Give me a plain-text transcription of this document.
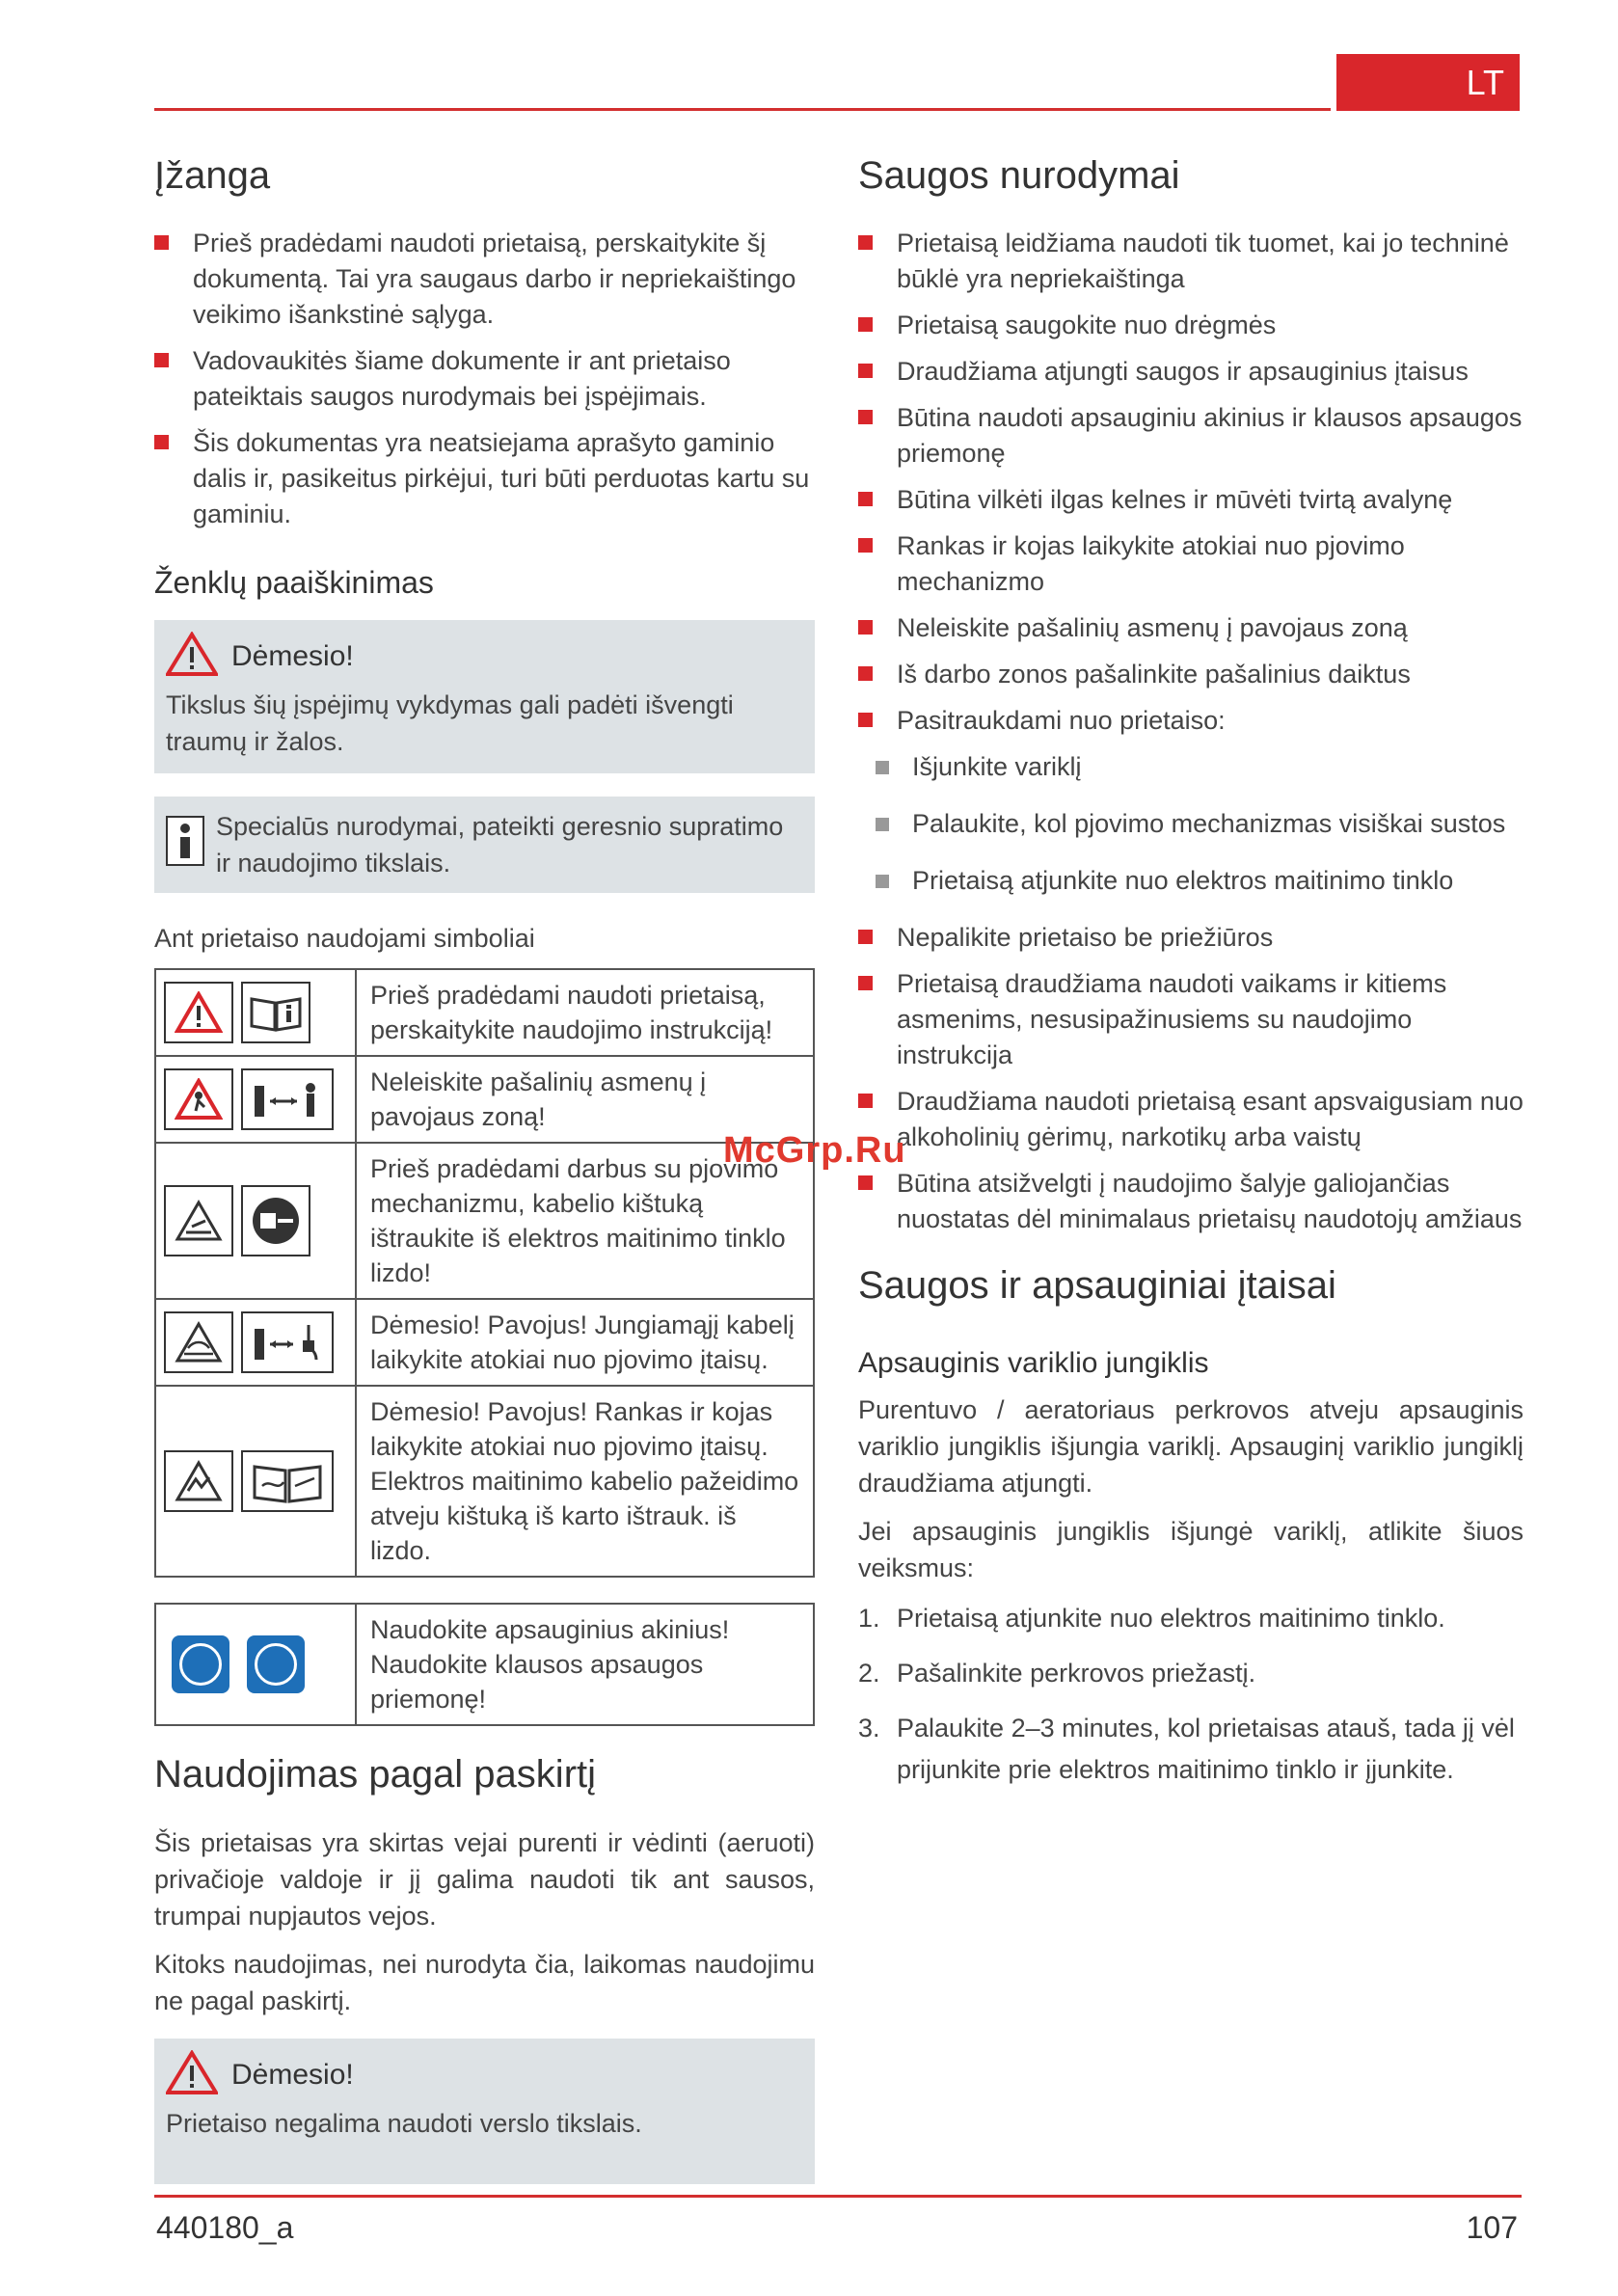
LT
Įžanga
Prieš pradėdami naudoti prietaisą, perskaitykite šį dokumentą. Tai yra saugaus darbo ir nepriekaištingo veikimo išankstinė sąlyga.
Vadovaukitės šiame dokumente ir ant prietaiso pateiktais saugos nurodymais bei įspėjimais.
Šis dokumentas yra neatsiejama aprašyto gaminio dalis ir, pasikeitus pirkėjui, turi būti perduotas kartu su gaminiu.
Ženklų paaiškinimas
Dėmesio!
Tikslus šių įspėjimų vykdymas gali padėti išvengti traumų ir žalos.
Specialūs nurodymai, pateikti geresnio supratimo ir naudojimo tikslais.

Ant prietaiso naudojami simboliai

	Prieš pradėdami naudoti prietaisą, perskaitykite naudojimo instrukciją!

	Neleiskite pašalinių asmenų į pavojaus zoną!

	Prieš pradėdami darbus su pjovimo mechanizmu, kabelio kištuką ištraukite iš elektros maitinimo tinklo lizdo!

	Dėmesio! Pavojus! Jungiamąjį kabelį laikykite atokiai nuo pjovimo įtaisų.

	Dėmesio! Pavojus! Rankas ir kojas laikykite atokiai nuo pjovimo įtaisų. Elektros maitinimo kabelio pažeidimo atveju kištuką iš karto ištrauk. iš lizdo.
	Naudokite apsauginius akinius! Naudokite klausos apsaugos priemonę!
Naudojimas pagal paskirtį

Šis prietaisas yra skirtas vejai purenti ir vėdinti (aeruoti) privačioje valdoje ir jį galima naudoti tik ant sausos, trumpai nupjautos vejos.

Kitoks naudojimas, nei nurodyta čia, laikomas naudojimu ne pagal paskirtį.

Dėmesio!
Prietaiso negalima naudoti verslo tikslais.
Saugos nurodymai
Prietaisą leidžiama naudoti tik tuomet, kai jo techninė būklė yra nepriekaištinga
Prietaisą saugokite nuo drėgmės
Draudžiama atjungti saugos ir apsauginius įtaisus
Būtina naudoti apsauginiu akinius ir klausos apsaugos priemonę
Būtina vilkėti ilgas kelnes ir mūvėti tvirtą avalynę
Rankas ir kojas laikykite atokiai nuo pjovimo mechanizmo
Neleiskite pašalinių asmenų į pavojaus zoną
Iš darbo zonos pašalinkite pašalinius daiktus
Pasitraukdami nuo prietaiso:
Išjunkite variklį
Palaukite, kol pjovimo mechanizmas visiškai sustos
Prietaisą atjunkite nuo elektros maitinimo tinklo
Nepalikite prietaiso be priežiūros
Prietaisą draudžiama naudoti vaikams ir kitiems asmenims, nesusipažinusiems su naudojimo instrukcija
Draudžiama naudoti prietaisą esant apsvaigusiam nuo alkoholinių gėrimų, narkotikų arba vaistų
Būtina atsižvelgti į naudojimo šalyje galiojančias nuostatas dėl minimalaus prietaisų naudotojų amžiaus
Saugos ir apsauginiai įtaisai
Apsauginis variklio jungiklis

Purentuvo / aeratoriaus perkrovos atveju apsauginis variklio jungiklis išjungia variklį. Apsauginį variklio jungiklį draudžiama atjungti.

Jei apsauginis jungiklis išjungė variklį, atlikite šiuos veiksmus:

1. Prietaisą atjunkite nuo elektros maitinimo tinklo.
2. Pašalinkite perkrovos priežastį.
3. Palaukite 2–3 minutes, kol prietaisas atauš, tada jį vėl prijunkite prie elektros maitinimo tinklo ir įjunkite.
McGrp.Ru
440180_a	107
